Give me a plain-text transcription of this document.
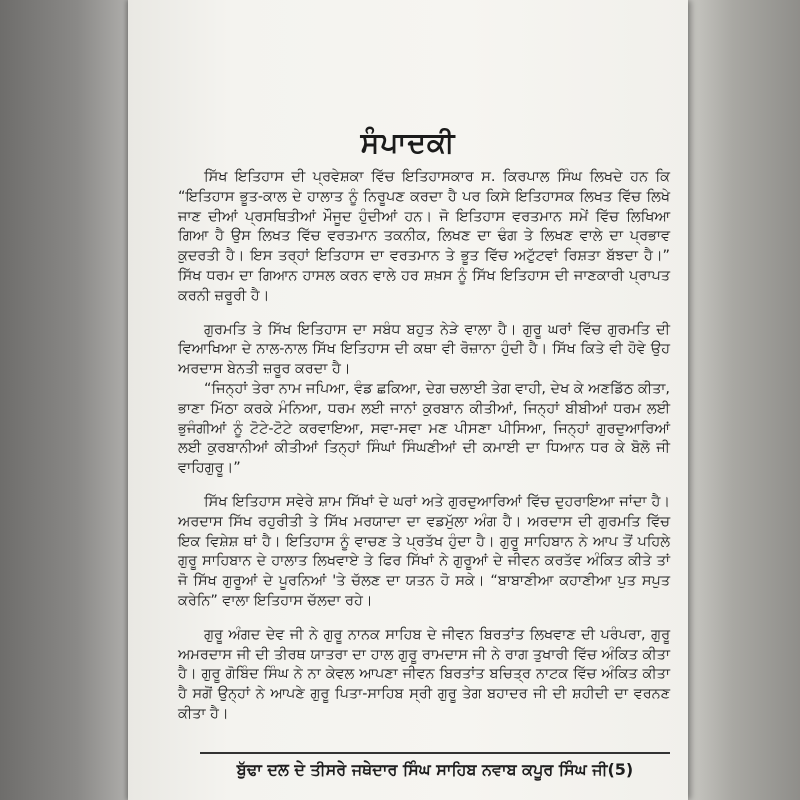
ਸੰਪਾਦਕੀ

ਸਿੱਖ ਇਤਿਹਾਸ ਦੀ ਪ੍ਰਵੇਸ਼ਕਾ ਵਿੱਚ ਇਤਿਹਾਸਕਾਰ ਸ. ਕਿਰਪਾਲ ਸਿੰਘ ਲਿਖਦੇ ਹਨ ਕਿ “ਇਤਿਹਾਸ ਭੂਤ-ਕਾਲ ਦੇ ਹਾਲਾਤ ਨੂੰ ਨਿਰੂਪਣ ਕਰਦਾ ਹੈ ਪਰ ਕਿਸੇ ਇਤਿਹਾਸਕ ਲਿਖਤ ਵਿੱਚ ਲਿਖੇ ਜਾਣ ਦੀਆਂ ਪ੍ਰਸਥਿਤੀਆਂ ਮੌਜੂਦ ਹੁੰਦੀਆਂ ਹਨ। ਜੋ ਇਤਿਹਾਸ ਵਰਤਮਾਨ ਸਮੇਂ ਵਿੱਚ ਲਿਖਿਆ ਗਿਆ ਹੈ ਉਸ ਲਿਖਤ ਵਿੱਚ ਵਰਤਮਾਨ ਤਕਨੀਕ, ਲਿਖਣ ਦਾ ਢੰਗ ਤੇ ਲਿਖਣ ਵਾਲੇ ਦਾ ਪ੍ਰਭਾਵ ਕੁਦਰਤੀ ਹੈ। ਇਸ ਤਰ੍ਹਾਂ ਇਤਿਹਾਸ ਦਾ ਵਰਤਮਾਨ ਤੇ ਭੂਤ ਵਿੱਚ ਅਟੁੱਟਵਾਂ ਰਿਸ਼ਤਾ ਬੱਝਦਾ ਹੈ।” ਸਿੱਖ ਧਰਮ ਦਾ ਗਿਆਨ ਹਾਸਲ ਕਰਨ ਵਾਲੇ ਹਰ ਸ਼ਖ਼ਸ ਨੂੰ ਸਿੱਖ ਇਤਿਹਾਸ ਦੀ ਜਾਣਕਾਰੀ ਪ੍ਰਾਪਤ ਕਰਨੀ ਜ਼ਰੂਰੀ ਹੈ।

ਗੁਰਮਤਿ ਤੇ ਸਿੱਖ ਇਤਿਹਾਸ ਦਾ ਸਬੰਧ ਬਹੁਤ ਨੇੜੇ ਵਾਲਾ ਹੈ। ਗੁਰੂ ਘਰਾਂ ਵਿੱਚ ਗੁਰਮਤਿ ਦੀ ਵਿਆਖਿਆ ਦੇ ਨਾਲ-ਨਾਲ ਸਿੱਖ ਇਤਿਹਾਸ ਦੀ ਕਥਾ ਵੀ ਰੋਜ਼ਾਨਾ ਹੁੰਦੀ ਹੈ। ਸਿੱਖ ਕਿਤੇ ਵੀ ਹੋਵੇ ਉਹ ਅਰਦਾਸ ਬੇਨਤੀ ਜ਼ਰੂਰ ਕਰਦਾ ਹੈ।

“ਜਿਨ੍ਹਾਂ ਤੇਰਾ ਨਾਮ ਜਪਿਆ, ਵੰਡ ਛਕਿਆ, ਦੇਗ ਚਲਾਈ ਤੇਗ ਵਾਹੀ, ਦੇਖ ਕੇ ਅਣਡਿੱਠ ਕੀਤਾ, ਭਾਣਾ ਮਿੱਠਾ ਕਰਕੇ ਮੰਨਿਆ, ਧਰਮ ਲਈ ਜਾਨਾਂ ਕੁਰਬਾਨ ਕੀਤੀਆਂ, ਜਿਨ੍ਹਾਂ ਬੀਬੀਆਂ ਧਰਮ ਲਈ ਭੁਜੰਗੀਆਂ ਨੂੰ ਟੋਟੇ-ਟੋਟੇ ਕਰਵਾਇਆ, ਸਵਾ-ਸਵਾ ਮਣ ਪੀਸਣਾ ਪੀਸਿਆ, ਜਿਨ੍ਹਾਂ ਗੁਰਦੁਆਰਿਆਂ ਲਈ ਕੁਰਬਾਨੀਆਂ ਕੀਤੀਆਂ ਤਿਨ੍ਹਾਂ ਸਿੰਘਾਂ ਸਿੰਘਣੀਆਂ ਦੀ ਕਮਾਈ ਦਾ ਧਿਆਨ ਧਰ ਕੇ ਬੋਲੋ ਜੀ ਵਾਹਿਗੁਰੂ।”

ਸਿੱਖ ਇਤਿਹਾਸ ਸਵੇਰੇ ਸ਼ਾਮ ਸਿੱਖਾਂ ਦੇ ਘਰਾਂ ਅਤੇ ਗੁਰਦੁਆਰਿਆਂ ਵਿੱਚ ਦੁਹਰਾਇਆ ਜਾਂਦਾ ਹੈ। ਅਰਦਾਸ ਸਿੱਖ ਰਹੁਰੀਤੀ ਤੇ ਸਿੱਖ ਮਰਯਾਦਾ ਦਾ ਵਡਮੁੱਲਾ ਅੰਗ ਹੈ। ਅਰਦਾਸ ਦੀ ਗੁਰਮਤਿ ਵਿੱਚ ਇਕ ਵਿਸ਼ੇਸ਼ ਥਾਂ ਹੈ। ਇਤਿਹਾਸ ਨੂੰ ਵਾਚਣ ਤੇ ਪ੍ਰਤੱਖ ਹੁੰਦਾ ਹੈ। ਗੁਰੂ ਸਾਹਿਬਾਨ ਨੇ ਆਪ ਤੋਂ ਪਹਿਲੇ ਗੁਰੂ ਸਾਹਿਬਾਨ ਦੇ ਹਾਲਾਤ ਲਿਖਵਾਏ ਤੇ ਫਿਰ ਸਿੱਖਾਂ ਨੇ ਗੁਰੂਆਂ ਦੇ ਜੀਵਨ ਕਰਤੱਵ ਅੰਕਿਤ ਕੀਤੇ ਤਾਂ ਜੋ ਸਿੱਖ ਗੁਰੂਆਂ ਦੇ ਪੂਰਨਿਆਂ 'ਤੇ ਚੱਲਣ ਦਾ ਯਤਨ ਹੋ ਸਕੇ। “ਬਾਬਾਣੀਆ ਕਹਾਣੀਆ ਪੁਤ ਸਪੁਤ ਕਰੇਨਿ” ਵਾਲਾ ਇਤਿਹਾਸ ਚੱਲਦਾ ਰਹੇ।

ਗੁਰੂ ਅੰਗਦ ਦੇਵ ਜੀ ਨੇ ਗੁਰੂ ਨਾਨਕ ਸਾਹਿਬ ਦੇ ਜੀਵਨ ਬਿਰਤਾਂਤ ਲਿਖਵਾਣ ਦੀ ਪਰੰਪਰਾ, ਗੁਰੂ ਅਮਰਦਾਸ ਜੀ ਦੀ ਤੀਰਥ ਯਾਤਰਾ ਦਾ ਹਾਲ ਗੁਰੂ ਰਾਮਦਾਸ ਜੀ ਨੇ ਰਾਗ ਤੁਖਾਰੀ ਵਿੱਚ ਅੰਕਿਤ ਕੀਤਾ ਹੈ। ਗੁਰੂ ਗੋਬਿੰਦ ਸਿੰਘ ਨੇ ਨਾ ਕੇਵਲ ਆਪਣਾ ਜੀਵਨ ਬਿਰਤਾਂਤ ਬਚਿਤ੍ਰ ਨਾਟਕ ਵਿੱਚ ਅੰਕਿਤ ਕੀਤਾ ਹੈ ਸਗੋਂ ਉਨ੍ਹਾਂ ਨੇ ਆਪਣੇ ਗੁਰੂ ਪਿਤਾ-ਸਾਹਿਬ ਸ੍ਰੀ ਗੁਰੂ ਤੇਗ ਬਹਾਦਰ ਜੀ ਦੀ ਸ਼ਹੀਦੀ ਦਾ ਵਰਨਣ ਕੀਤਾ ਹੈ।

ਬੁੱਢਾ ਦਲ ਦੇ ਤੀਸਰੇ ਜਥੇਦਾਰ ਸਿੰਘ ਸਾਹਿਬ ਨਵਾਬ ਕਪੂਰ ਸਿੰਘ ਜੀ(5)
